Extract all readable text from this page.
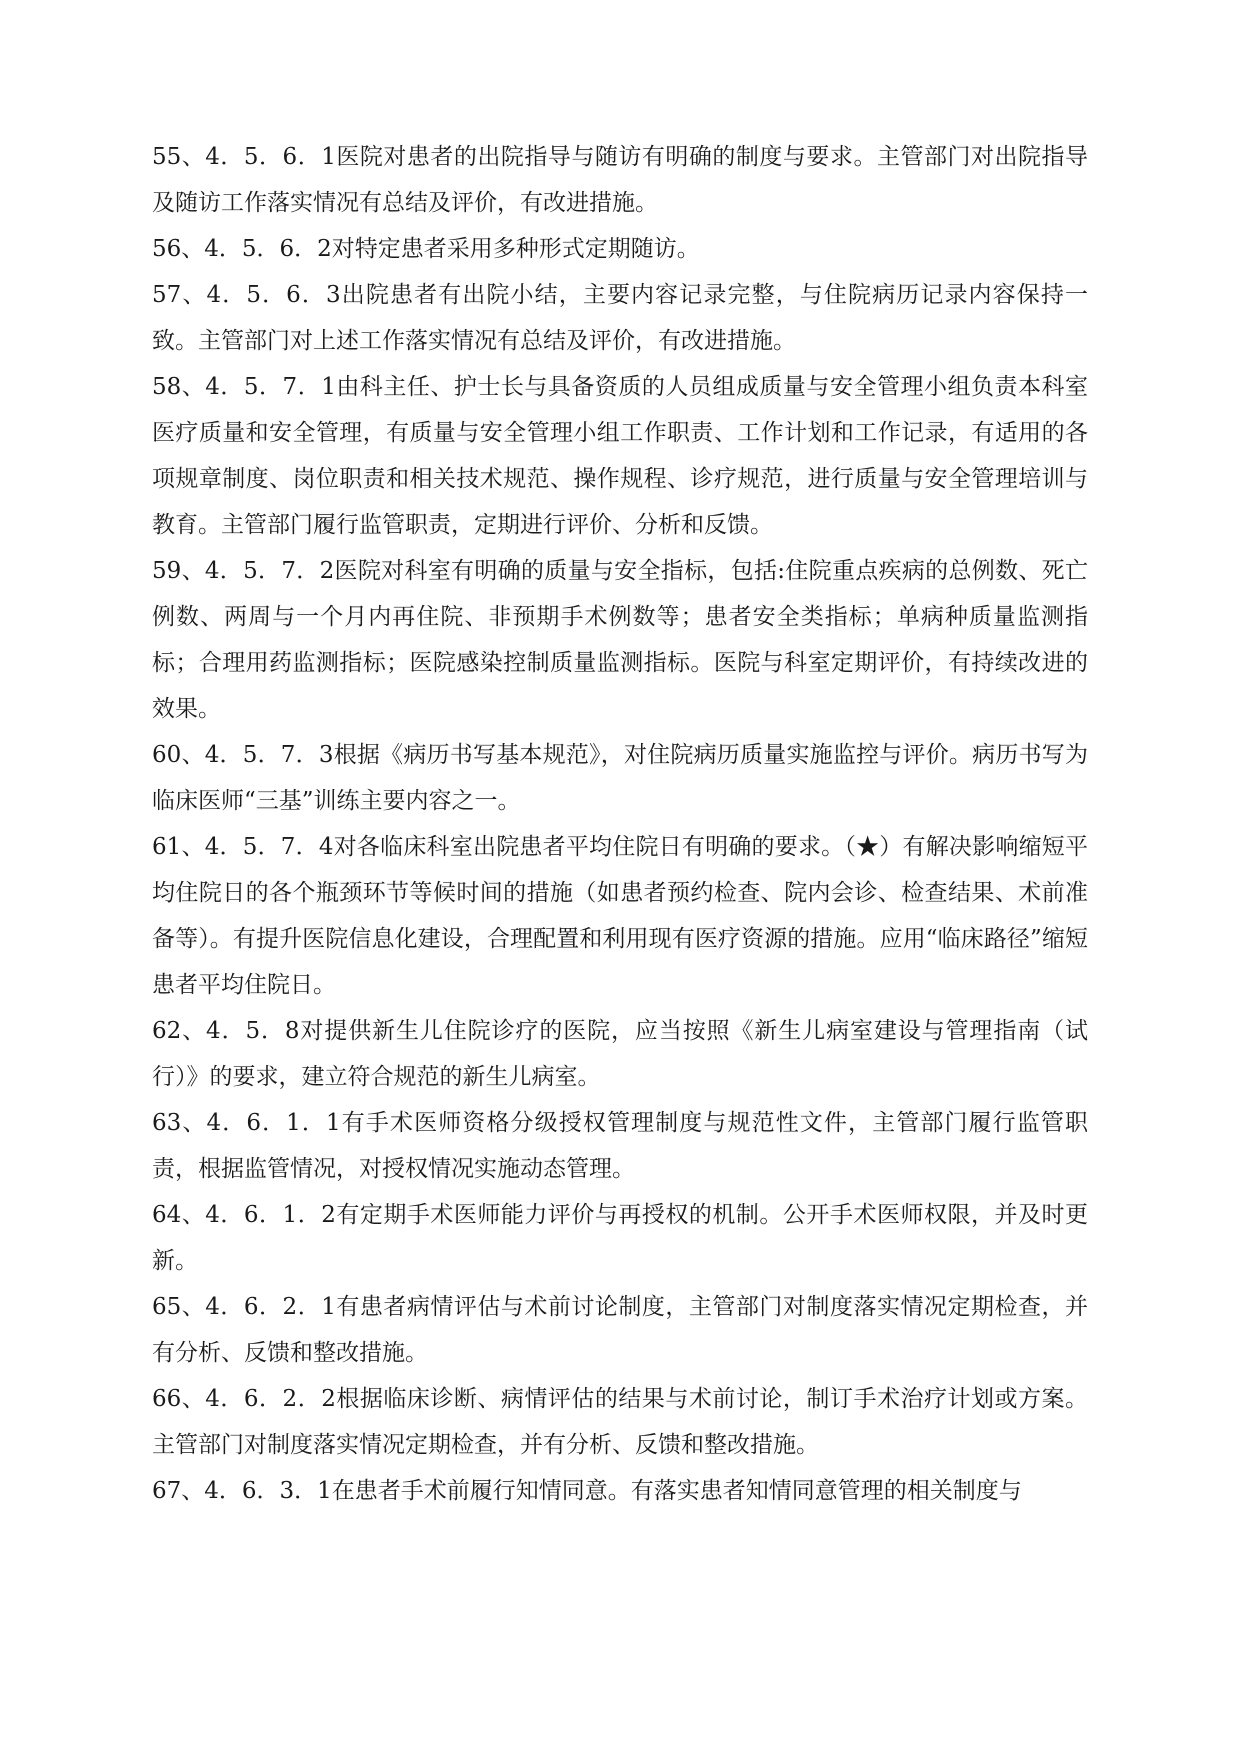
55、4．5．6．1医院对患者的出院指导与随访有明确的制度与要求。主管部门对出院指导及随访工作落实情况有总结及评价，有改进措施。

56、4．5．6．2对特定患者采用多种形式定期随访。

57、4．5．6．3出院患者有出院小结，主要内容记录完整，与住院病历记录内容保持一致。主管部门对上述工作落实情况有总结及评价，有改进措施。

58、4．5．7．1由科主任、护士长与具备资质的人员组成质量与安全管理小组负责本科室医疗质量和安全管理，有质量与安全管理小组工作职责、工作计划和工作记录，有适用的各项规章制度、岗位职责和相关技术规范、操作规程、诊疗规范，进行质量与安全管理培训与教育。主管部门履行监管职责，定期进行评价、分析和反馈。

59、4．5．7．2医院对科室有明确的质量与安全指标，包括:住院重点疾病的总例数、死亡例数、两周与一个月内再住院、非预期手术例数等；患者安全类指标；单病种质量监测指标；合理用药监测指标；医院感染控制质量监测指标。医院与科室定期评价，有持续改进的效果。

60、4．5．7．3根据《病历书写基本规范》，对住院病历质量实施监控与评价。病历书写为临床医师“三基”训练主要内容之一。

61、4．5．7．4对各临床科室出院患者平均住院日有明确的要求。（★）有解决影响缩短平均住院日的各个瓶颈环节等候时间的措施（如患者预约检查、院内会诊、检查结果、术前准备等）。有提升医院信息化建设，合理配置和利用现有医疗资源的措施。应用“临床路径”缩短患者平均住院日。

62、4．5．8对提供新生儿住院诊疗的医院，应当按照《新生儿病室建设与管理指南（试行）》的要求，建立符合规范的新生儿病室。

63、4．6．1．1有手术医师资格分级授权管理制度与规范性文件，主管部门履行监管职责，根据监管情况，对授权情况实施动态管理。

64、4．6．1．2有定期手术医师能力评价与再授权的机制。公开手术医师权限，并及时更新。

65、4．6．2．1有患者病情评估与术前讨论制度，主管部门对制度落实情况定期检查，并有分析、反馈和整改措施。

66、4．6．2．2根据临床诊断、病情评估的结果与术前讨论，制订手术治疗计划或方案。主管部门对制度落实情况定期检查，并有分析、反馈和整改措施。

67、4．6．3．1在患者手术前履行知情同意。有落实患者知情同意管理的相关制度与
